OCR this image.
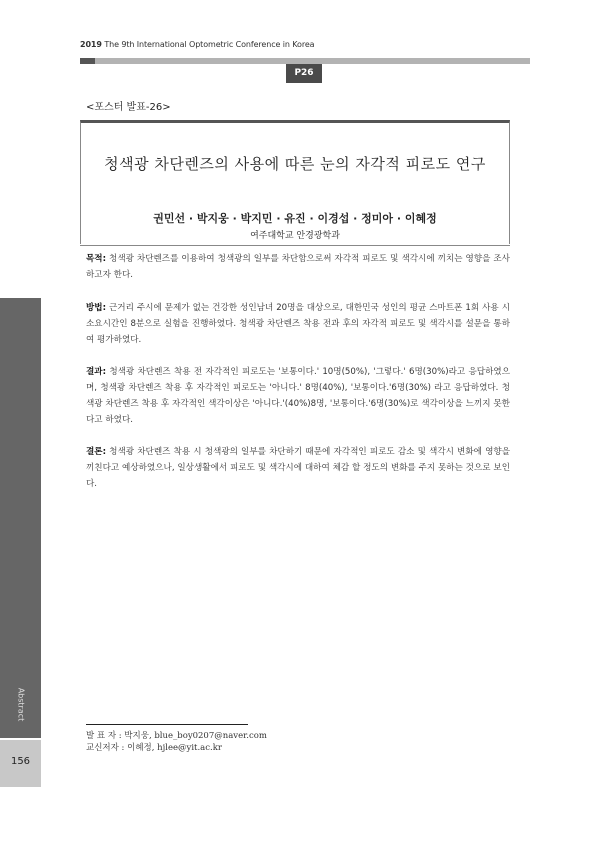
2019 The 9th International Optometric Conference in Korea
P26
<포스터 발표-26>
청색광 차단렌즈의 사용에 따른 눈의 자각적 피로도 연구
권민선 · 박지웅 · 박지민 · 유진 · 이경섭 · 정미아 · 이혜정
여주대학교 안경광학과
목적: 청색광 차단렌즈를 이용하여 청색광의 일부를 차단함으로써 자각적 피로도 및 색각시에 끼치는 영향을 조사하고자 한다.
방법: 근거리 주시에 문제가 없는 건강한 성인남녀 20명을 대상으로, 대한민국 성인의 평균 스마트폰 1회 사용 시 소요시간인 8분으로 실험을 진행하였다. 청색광 차단렌즈 착용 전과 후의 자각적 피로도 및 색각시를 설문을 통하여 평가하였다.
결과: 청색광 차단렌즈 착용 전 자각적인 피로도는 '보통이다.' 10명(50%), '그렇다.' 6명(30%)라고 응답하였으며, 청색광 차단렌즈 착용 후 자각적인 피로도는 '아니다.' 8명(40%), '보통이다.'6명(30%) 라고 응답하였다. 청색광 차단렌즈 착용 후 자각적인 색각이상은 '아니다.'(40%)8명, '보통이다.'6명(30%)로 색각이상을 느끼지 못한다고 하였다.
결론: 청색광 차단렌즈 착용 시 청색광의 일부를 차단하기 때문에 자각적인 피로도 감소 및 색각시 변화에 영향을 끼친다고 예상하였으나, 일상생활에서 피로도 및 색각시에 대하여 체감 할 정도의 변화를 주지 못하는 것으로 보인다.
Abstract
156
발 표 자 : 박지웅, blue_boy0207@naver.com
교신저자 : 이혜정, hjlee@yit.ac.kr
